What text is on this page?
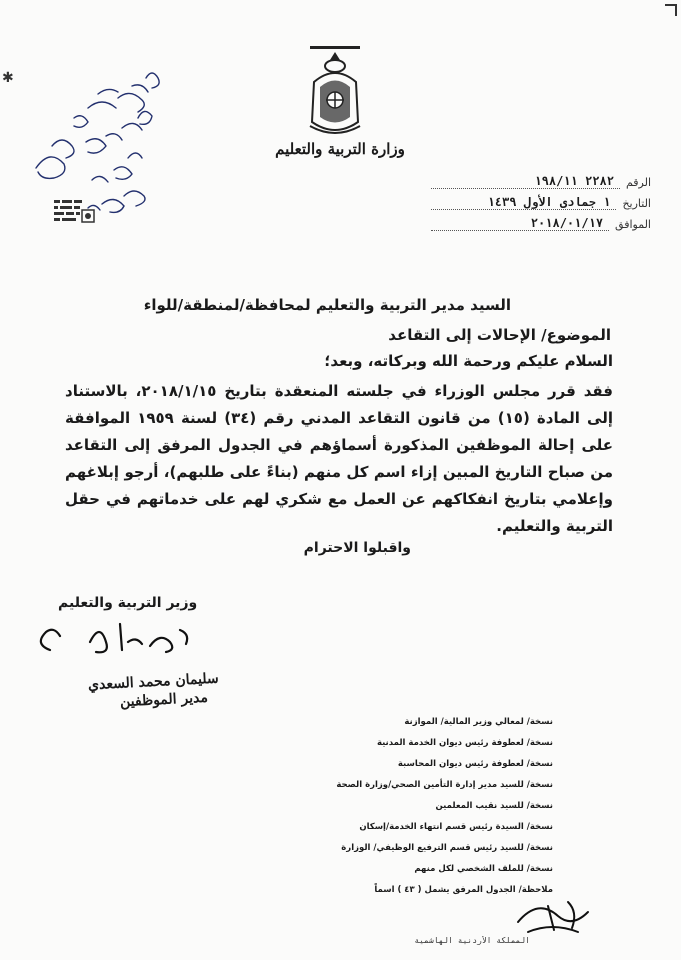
✱
وزارة التربية والتعليم
الرقم
٢٢٨٢ ١٩٨/١١
التاريخ
١ جمادى الأول ١٤٣٩
الموافق
٢٠١٨/٠١/١٧
السيد مدير التربية والتعليم لمحافظة/لمنطقة/للواء
الموضوع/ الإحالات إلى التقاعد
السلام عليكم ورحمة الله وبركاته، وبعد؛
فقد قرر مجلس الوزراء في جلسته المنعقدة بتاريخ ٢٠١٨/١/١٥، بالاستناد إلى المادة (١٥) من قانون التقاعد المدني رقم (٣٤) لسنة ١٩٥٩ الموافقة على إحالة الموظفين المذكورة أسماؤهم في الجدول المرفق إلى التقاعد من صباح التاريخ المبين إزاء اسم كل منهم (بناءً على طلبهم)، أرجو إبلاغهم وإعلامي بتاريخ انفكاكهم عن العمل مع شكري لهم على خدماتهم في حقل التربية والتعليم.
واقبلوا الاحترام
وزير التربية والتعليم
سليمان محمد السعدي
مدير الموظفين
نسخة/ لمعالي وزير المالية/ الموازنة
نسخة/ لعطوفة رئيس ديوان الخدمة المدنية
نسخة/ لعطوفة رئيس ديوان المحاسبة
نسخة/ للسيد مدير إدارة التأمين الصحي/وزارة الصحة
نسخة/ للسيد نقيب المعلمين
نسخة/ السيدة رئيس قسم انتهاء الخدمة/إسكان
نسخة/ للسيد رئيس قسم الترفيع الوظيفي/ الوزارة
نسخة/ للملف الشخصي لكل منهم
ملاحظة/ الجدول المرفق يشمل ( ٤٣ ) اسماً
المملكة الأردنية الهاشمية
